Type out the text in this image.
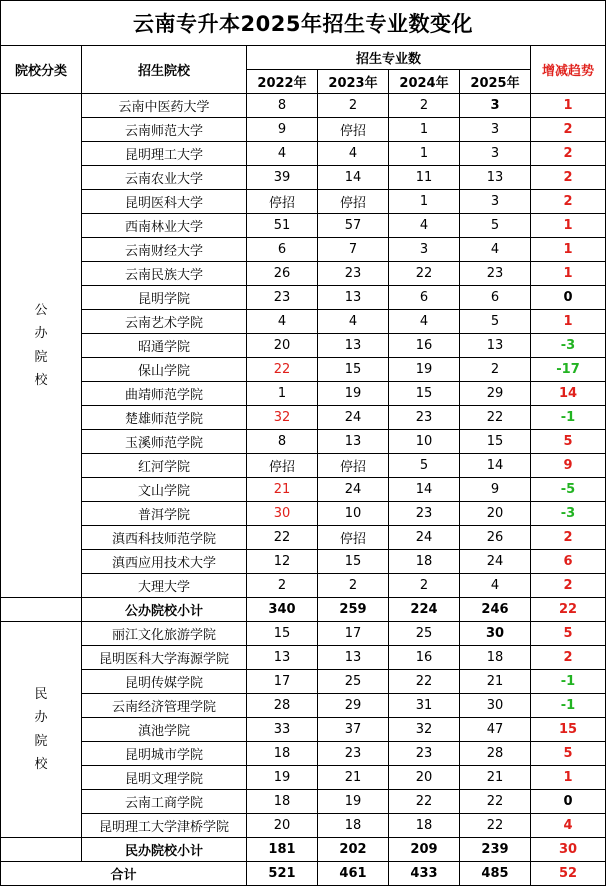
云南专升本2025年招生专业数变化
院校分类	招生院校
招生专业数
增减趋势
2022年	2023年	2024年	2025年
公
办
院
校
云南中医药大学	8	2	2	3	1
云南师范大学	9	停招	1	3	2
昆明理工大学	4	4	1	3	2
云南农业大学	39	14	11	13	2
昆明医科大学	停招	停招	1	3	2
西南林业大学	51	57	4	5	1
云南财经大学	6	7	3	4	1
云南民族大学	26	23	22	23	1
昆明学院	23	13	6	6	0
云南艺术学院	4	4	4	5	1
昭通学院	20	13	16	13	-3
保山学院	22	15	19	2	-17
曲靖师范学院	1	19	15	29	14
楚雄师范学院	32	24	23	22	-1
玉溪师范学院	8	13	10	15	5
红河学院	停招	停招	5	14	9
文山学院	21	24	14	9	-5
普洱学院	30	10	23	20	-3
滇西科技师范学院	22	停招	24	26	2
滇西应用技术大学	12	15	18	24	6
大理大学	2	2	2	4	2
公办院校小计	340	259	224	246	22
民
办
院
校
丽江文化旅游学院	15	17	25	30	5
昆明医科大学海源学院	13	13	16	18	2
昆明传媒学院	17	25	22	21	-1
云南经济管理学院	28	29	31	30	-1
滇池学院	33	37	32	47	15
昆明城市学院	18	23	23	28	5
昆明文理学院	19	21	20	21	1
云南工商学院	18	19	22	22	0
昆明理工大学津桥学院	20	18	18	22	4
民办院校小计	181	202	209	239	30
合计	521	461	433	485	52
